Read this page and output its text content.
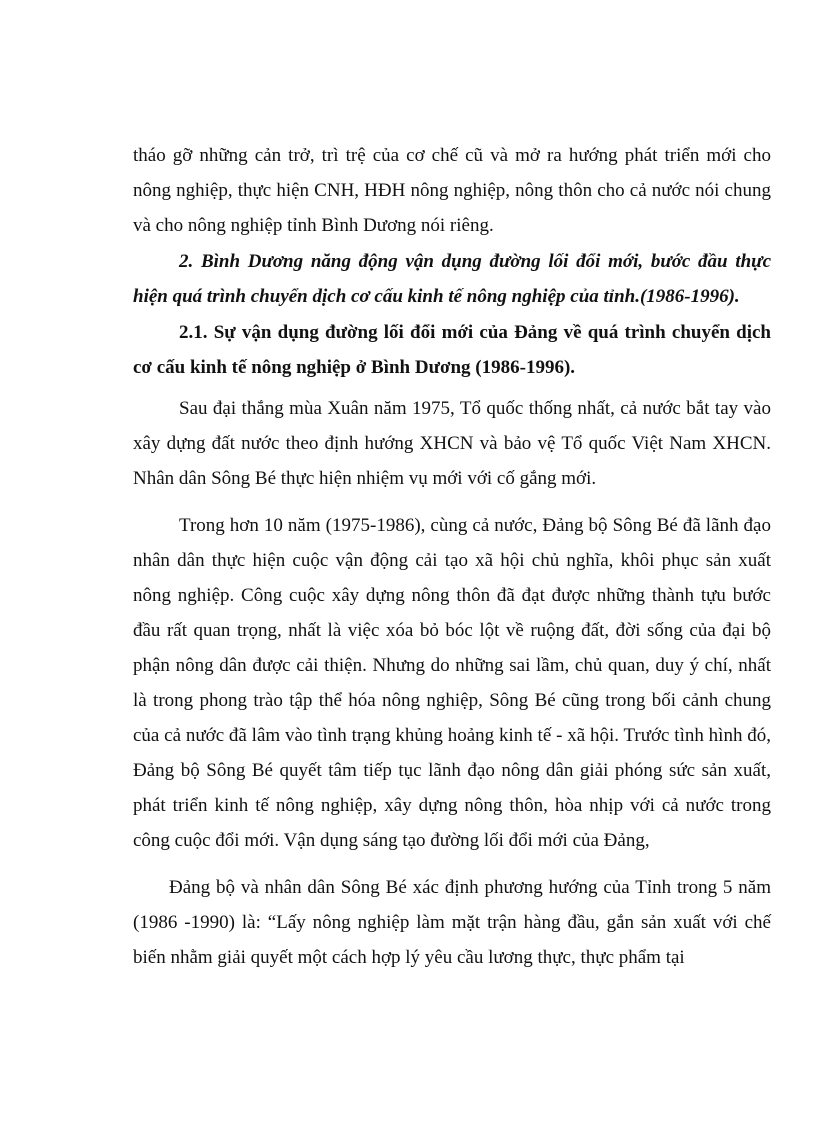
tháo gỡ những cản trở, trì trệ của cơ chế cũ và mở ra hướng phát triển mới cho nông nghiệp, thực hiện CNH, HĐH nông nghiệp, nông thôn cho cả nước nói chung và cho nông nghiệp tỉnh Bình Dương nói riêng.

2. Bình Dương năng động vận dụng đường lối đổi mới, bước đầu thực hiện quá trình chuyển dịch cơ cấu kinh tế nông nghiệp của tỉnh.(1986-1996).

2.1. Sự vận dụng đường lối đổi mới của Đảng về quá trình chuyển dịch cơ cấu kinh tế nông nghiệp ở Bình Dương (1986-1996).

Sau đại thắng mùa Xuân năm 1975, Tổ quốc thống nhất, cả nước bắt tay vào xây dựng đất nước theo định hướng XHCN và bảo vệ Tổ quốc Việt Nam XHCN. Nhân dân Sông Bé thực hiện nhiệm vụ mới với cố gắng mới.

Trong hơn 10 năm (1975-1986), cùng cả nước, Đảng bộ Sông Bé đã lãnh đạo nhân dân thực hiện cuộc vận động cải tạo xã hội chủ nghĩa, khôi phục sản xuất nông nghiệp. Công cuộc xây dựng nông thôn đã đạt được những thành tựu bước đầu rất quan trọng, nhất là việc xóa bỏ bóc lột về ruộng đất, đời sống của đại bộ phận nông dân được cải thiện. Nhưng do những sai lầm, chủ quan, duy ý chí, nhất là trong phong trào tập thể hóa nông nghiệp, Sông Bé cũng trong bối cảnh chung của cả nước đã lâm vào tình trạng khủng hoảng kinh tế - xã hội. Trước tình hình đó, Đảng bộ Sông Bé quyết tâm tiếp tục lãnh đạo nông dân giải phóng sức sản xuất, phát triển kinh tế nông nghiệp, xây dựng nông thôn, hòa nhịp với cả nước trong công cuộc đổi mới. Vận dụng sáng tạo đường lối đổi mới của Đảng,

Đảng bộ và nhân dân Sông Bé xác định phương hướng của Tỉnh trong 5 năm (1986 -1990) là: “Lấy nông nghiệp làm mặt trận hàng đầu, gắn sản xuất với chế biến nhằm giải quyết một cách hợp lý yêu cầu lương thực, thực phẩm tại
